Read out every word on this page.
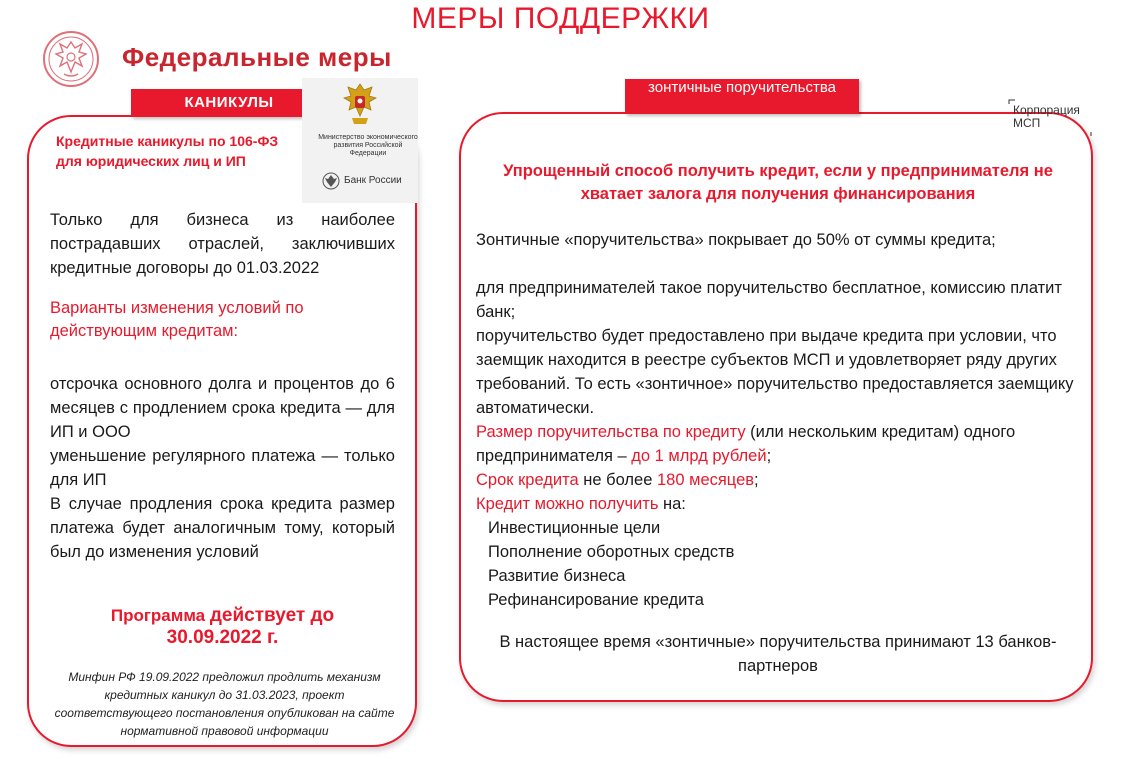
МЕРЫ ПОДДЕРЖКИ
Федеральные меры
КАНИКУЛЫ
Министерство экономического развития Российской Федерации
Банк России
Кредитные каникулы по 106-ФЗ для юридических лиц и ИП
Только для бизнеса из наиболее пострадавших отраслей, заключивших кредитные договоры до 01.03.2022
Варианты изменения условий по действующим кредитам:

отсрочка основного долга и процентов до 6 месяцев с продлением срока кредита — для ИП и ООО

уменьшение регулярного платежа — только для ИП

В случае продления срока кредита размер платежа будет аналогичным тому, который был до изменения условий

Программа действует до
30.09.2022 г.
Минфин РФ 19.09.2022 предложил продлить механизм кредитных каникул до 31.03.2023, проект соответствующего постановления опубликован на сайте нормативной правовой информации
зонтичные поручительства
Корпорация
МСП
Упрощенный способ получить кредит, если у предпринимателя не хватает залога для получения финансирования

Зонтичные «поручительства» покрывает до 50% от суммы кредита;

для предпринимателей такое поручительство бесплатное, комиссию платит банк;

поручительство будет предоставлено при выдаче кредита при условии, что заемщик находится в реестре субъектов МСП и удовлетворяет ряду других требований. То есть «зонтичное» поручительство предоставляется заемщику автоматически.

Размер поручительства по кредиту (или нескольким кредитам) одного предпринимателя – до 1 млрд рублей;

Срок кредита не более 180 месяцев;

Кредит можно получить на:

Инвестиционные цели

Пополнение оборотных средств

Развитие бизнеса

Рефинансирование кредита

В настоящее время «зонтичные» поручительства принимают 13 банков-партнеров
